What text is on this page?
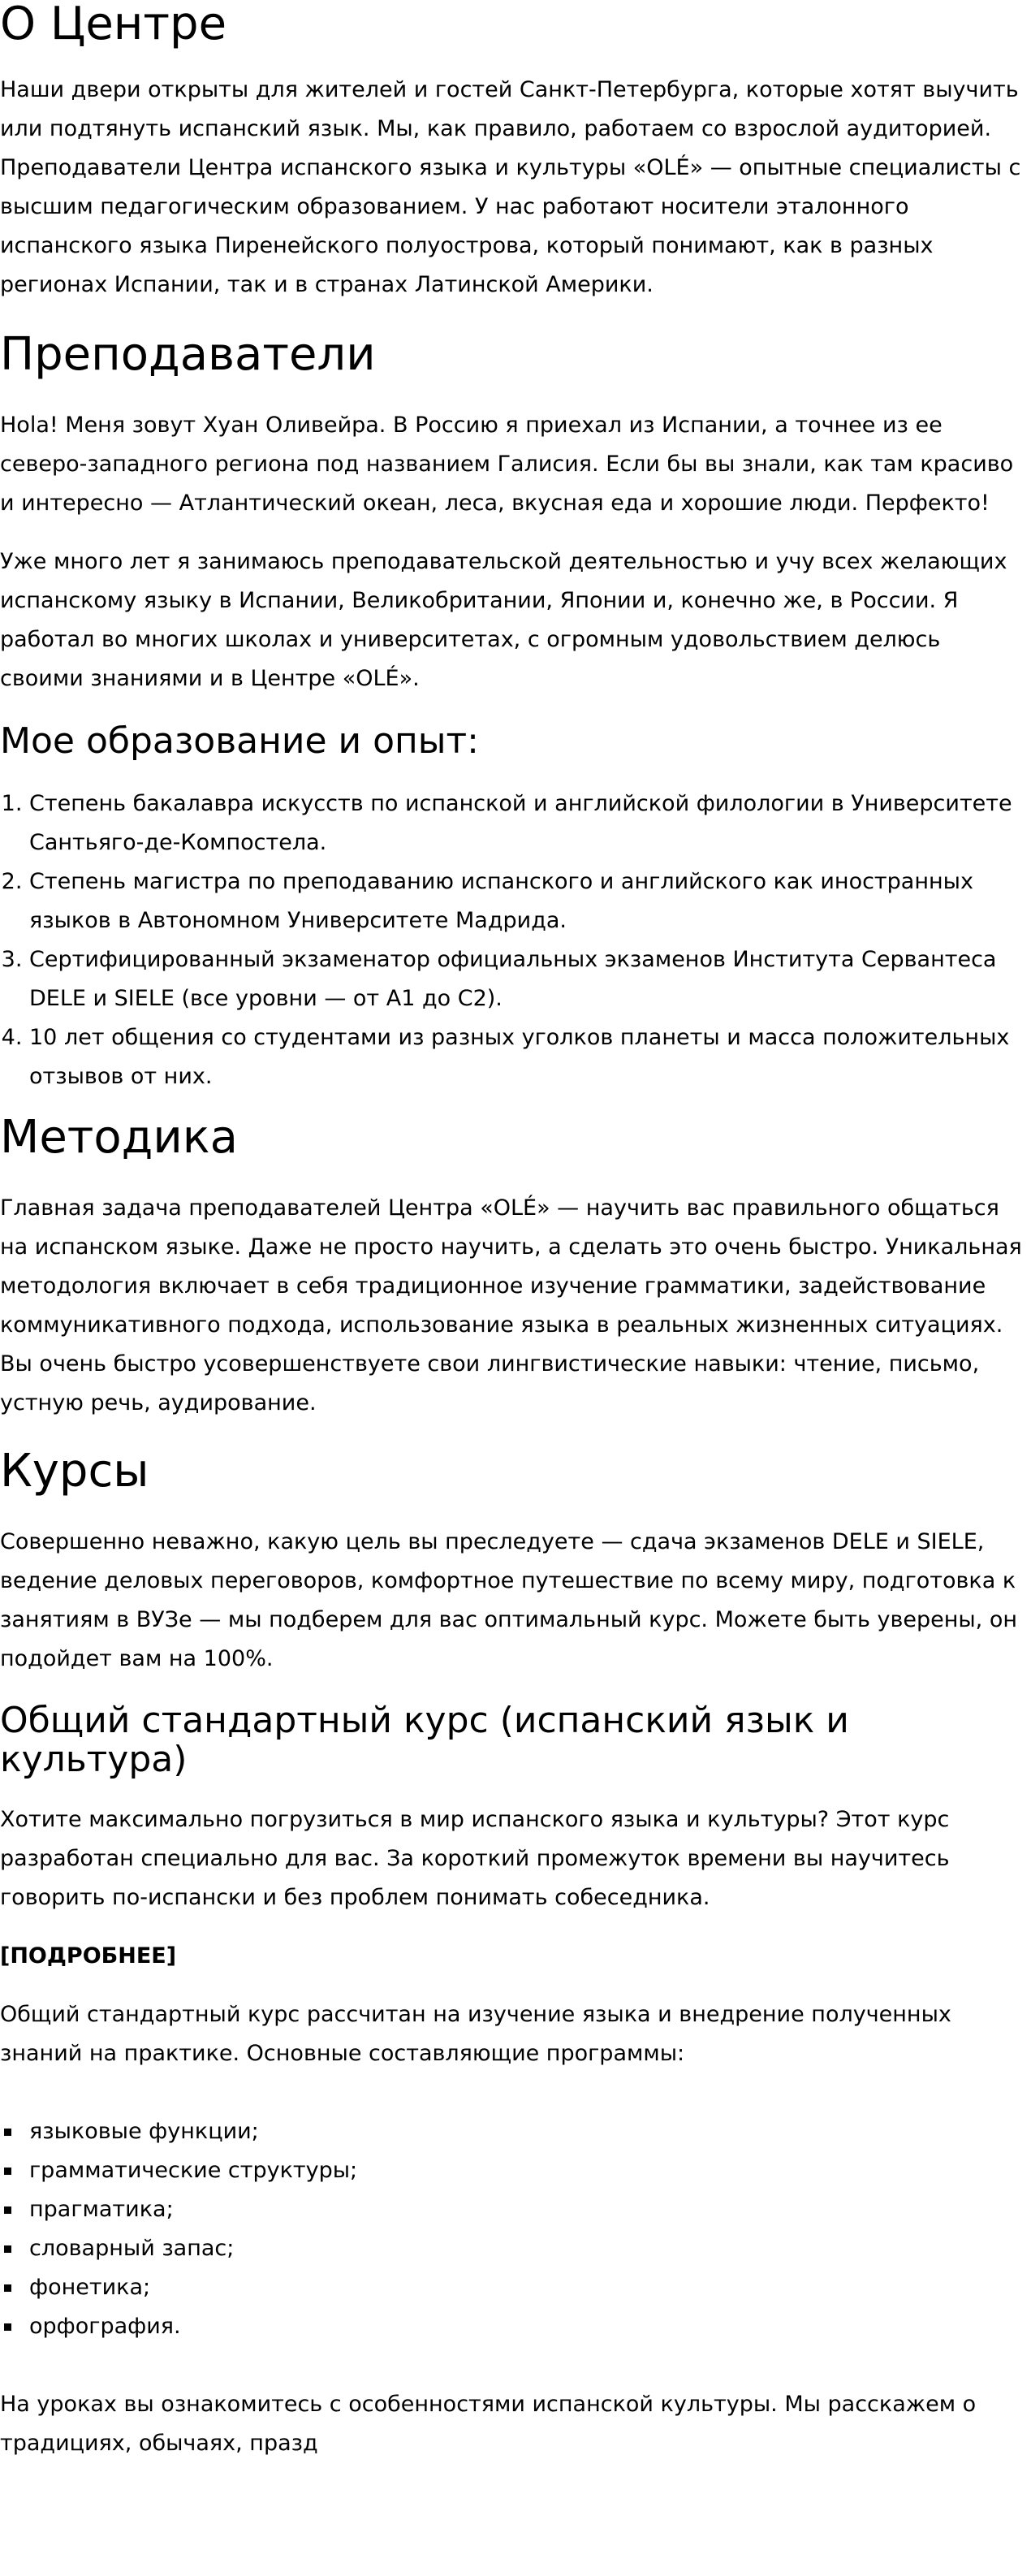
О Центре

Наши двери открыты для жителей и гостей Санкт-Петербурга, которые хотят выучить или подтянуть испанский язык. Мы, как правило, работаем со взрослой аудиторией. Преподаватели Центра испанского языка и культуры «OLÉ» — опытные специалисты с высшим педагогическим образованием. У нас работают носители эталонного испанского языка Пиренейского полуострова, который понимают, как в разных регионах Испании, так и в странах Латинской Америки.

Преподаватели

Hola! Меня зовут Хуан Оливейра. В Россию я приехал из Испании, а точнее из ее северо-западного региона под названием Галисия. Если бы вы знали, как там красиво и интересно — Атлантический океан, леса, вкусная еда и хорошие люди. Перфекто!

Уже много лет я занимаюсь преподавательской деятельностью и учу всех желающих испанскому языку в Испании, Великобритании, Японии и, конечно же, в России. Я работал во многих школах и университетах, с огромным удовольствием делюсь своими знаниями и в Центре «OLÉ».

Мое образование и опыт:
1. Степень бакалавра искусств по испанской и английской филологии в Университете Сантьяго-де-Компостела.
2. Степень магистра по преподаванию испанского и английского как иностранных языков в Автономном Университете Мадрида.
3. Сертифицированный экзаменатор официальных экзаменов Института Сервантеса DELE и SIELE (все уровни — от А1 до С2).
4. 10 лет общения со студентами из разных уголков планеты и масса положительных отзывов от них.
Методика

Главная задача преподавателей Центра «OLÉ» — научить вас правильного общаться на испанском языке. Даже не просто научить, а сделать это очень быстро. Уникальная методология включает в себя традиционное изучение грамматики, задействование коммуникативного подхода, использование языка в реальных жизненных ситуациях. Вы очень быстро усовершенствуете свои лингвистические навыки: чтение, письмо, устную речь, аудирование.

Курсы

Совершенно неважно, какую цель вы преследуете — сдача экзаменов DELE и SIELE, ведение деловых переговоров, комфортное путешествие по всему миру, подготовка к занятиям в ВУЗе — мы подберем для вас оптимальный курс. Можете быть уверены, он подойдет вам на 100%.

Общий стандартный курс (испанский язык и культура)

Хотите максимально погрузиться в мир испанского языка и культуры? Этот курс разработан специально для вас. За короткий промежуток времени вы научитесь говорить по-испански и без проблем понимать собеседника.

[ПОДРОБНЕЕ]

Общий стандартный курс рассчитан на изучение языка и внедрение полученных знаний на практике. Основные составляющие программы:

языковые функции;
грамматические структуры;
прагматика;
словарный запас;
фонетика;
орфография.

На уроках вы ознакомитесь с особенностями испанской культуры. Мы расскажем о традициях, обычаях, празд
